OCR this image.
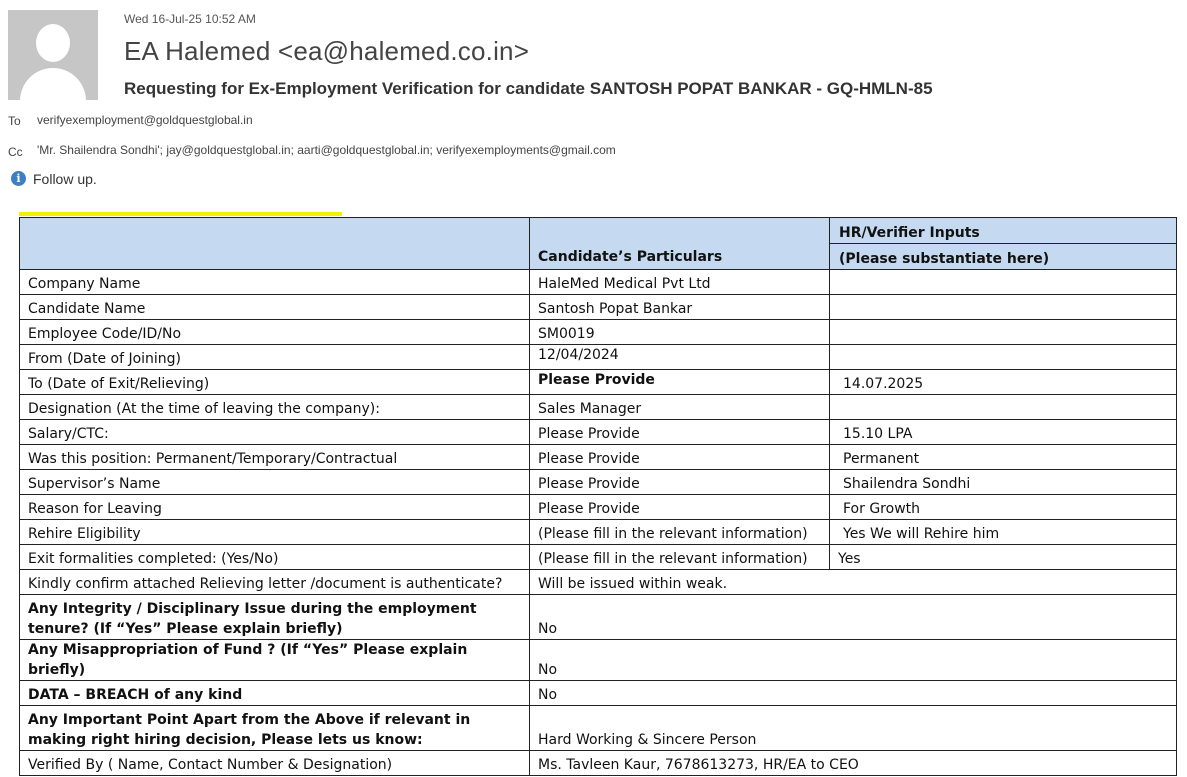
Wed 16-Jul-25 10:52 AM
EA Halemed <ea@halemed.co.in>
Requesting for Ex-Employment Verification for candidate SANTOSH POPAT BANKAR - GQ-HMLN-85
To verifyexemployment@goldquestglobal.in
Cc 'Mr. Shailendra Sondhi'; jay@goldquestglobal.in; aarti@goldquestglobal.in; verifyexemployments@gmail.com
i Follow up.
	Candidate’s Particulars	HR/Verifier Inputs
		(Please substantiate here)
Company Name	HaleMed Medical Pvt Ltd	
Candidate Name	Santosh Popat Bankar	
Employee Code/ID/No	SM0019	
From (Date of Joining)	12/04/2024	
To (Date of Exit/Relieving)	Please Provide	14.07.2025
Designation (At the time of leaving the company):	Sales Manager	
Salary/CTC:	Please Provide	15.10 LPA
Was this position: Permanent/Temporary/Contractual	Please Provide	Permanent
Supervisor’s Name	Please Provide	Shailendra Sondhi
Reason for Leaving	Please Provide	For Growth
Rehire Eligibility	(Please fill in the relevant information)	Yes We will Rehire him
Exit formalities completed: (Yes/No)	(Please fill in the relevant information)	Yes
Kindly confirm attached Relieving letter /document is authenticate?	Will be issued within weak.	
Any Integrity / Disciplinary Issue during the employment tenure? (If “Yes” Please explain briefly)	No	
Any Misappropriation of Fund ? (If “Yes” Please explain briefly)	No	
DATA – BREACH of any kind	No	
Any Important Point Apart from the Above if relevant in making right hiring decision, Please lets us know:	Hard Working & Sincere Person	
Verified By ( Name, Contact Number & Designation)	Ms. Tavleen Kaur, 7678613273, HR/EA to CEO	
